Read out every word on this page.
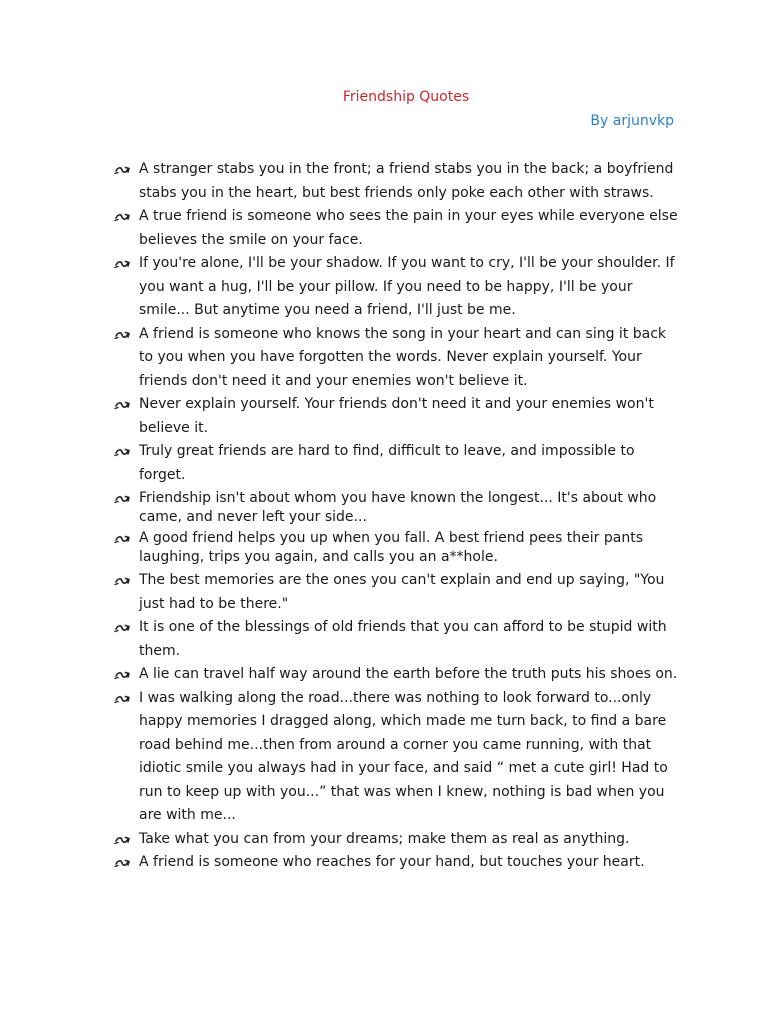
Friendship Quotes
By arjunvkp
A stranger stabs you in the front; a friend stabs you in the back; a boyfriend stabs you in the heart, but best friends only poke each other with straws.
A true friend is someone who sees the pain in your eyes while everyone else believes the smile on your face.
If you're alone, I'll be your shadow. If you want to cry, I'll be your shoulder. If you want a hug, I'll be your pillow. If you need to be happy, I'll be your smile... But anytime you need a friend, I'll just be me.
A friend is someone who knows the song in your heart and can sing it back to you when you have forgotten the words. Never explain yourself. Your friends don't need it and your enemies won't believe it.
Never explain yourself. Your friends don't need it and your enemies won't believe it.
Truly great friends are hard to find, difficult to leave, and impossible to forget.
Friendship isn't about whom you have known the longest... It's about who came, and never left your side...
A good friend helps you up when you fall. A best friend pees their pants laughing, trips you again, and calls you an a**hole.
The best memories are the ones you can't explain and end up saying, "You just had to be there."
It is one of the blessings of old friends that you can afford to be stupid with them.
A lie can travel half way around the earth before the truth puts his shoes on.
I was walking along the road...there was nothing to look forward to...only happy memories I dragged along, which made me turn back, to find a bare road behind me...then from around a corner you came running, with that idiotic smile you always had in your face, and said “ met a cute girl! Had to run to keep up with you...” that was when I knew, nothing is bad when you are with me...
Take what you can from your dreams; make them as real as anything.
A friend is someone who reaches for your hand, but touches your heart.
